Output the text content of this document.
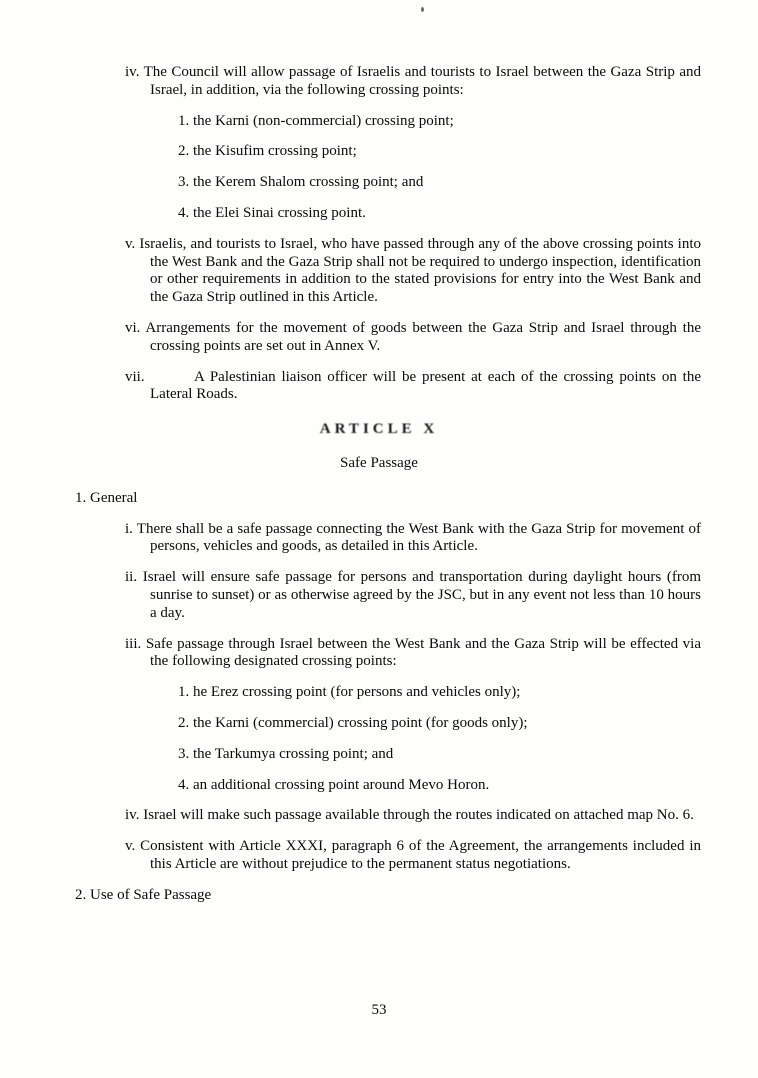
iv. The Council will allow passage of Israelis and tourists to Israel between the Gaza Strip and Israel, in addition, via the following crossing points:

1. the Karni (non-commercial) crossing point;

2. the Kisufim crossing point;

3. the Kerem Shalom crossing point; and

4. the Elei Sinai crossing point.

v. Israelis, and tourists to Israel, who have passed through any of the above crossing points into the West Bank and the Gaza Strip shall not be required to undergo inspection, identification or other requirements in addition to the stated provisions for entry into the West Bank and the Gaza Strip outlined in this Article.

vi. Arrangements for the movement of goods between the Gaza Strip and Israel through the crossing points are set out in Annex V.

vii.	A Palestinian liaison officer will be present at each of the crossing points on the Lateral Roads.

ARTICLE X
Safe Passage

1. General

i. There shall be a safe passage connecting the West Bank with the Gaza Strip for movement of persons, vehicles and goods, as detailed in this Article.

ii. Israel will ensure safe passage for persons and transportation during daylight hours (from sunrise to sunset) or as otherwise agreed by the JSC, but in any event not less than 10 hours a day.

iii. Safe passage through Israel between the West Bank and the Gaza Strip will be effected via the following designated crossing points:

1. he Erez crossing point (for persons and vehicles only);

2. the Karni (commercial) crossing point (for goods only);

3. the Tarkumya crossing point; and

4. an additional crossing point around Mevo Horon.

iv. Israel will make such passage available through the routes indicated on attached map No. 6.

v. Consistent with Article XXXI, paragraph 6 of the Agreement, the arrangements included in this Article are without prejudice to the permanent status negotiations.

2. Use of Safe Passage

53
